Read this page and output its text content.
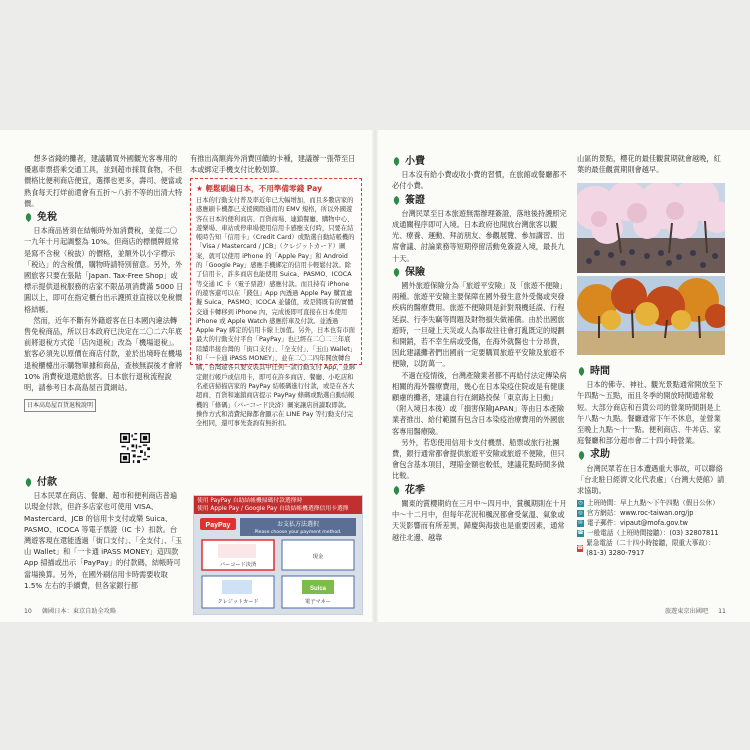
想多省錢的攤者，建議購買外國觀光客專用的優惠車票搭乘交通工具，並到超市採買食物，不但價格比便利商店便宜，選擇也更多，壽司、便當或熟食每天打烊前還會有五折～八折不等的出清大特價。

免稅

日本商品皆須在結帳時外加消費稅，並從二〇一九年十月起調整為 10%。但商店的標價牌經常是寫不含稅（稅抜）的價格，並額外以小字標示「税込」的含稅價，購物時請特別留意。另外，外國旅客只要在張貼「Japan. Tax-Free Shop」或標示提供退稅服務的店家不限品項消費滿 5000 日圓以上，即可在指定櫃台出示護照並直接以免稅價格結帳。

然而，近年不斷有外籍遊客在日本國內違法轉售免稅商品，所以日本政府已決定在二〇二六年底前將退稅方式從「店內退稅」改為「機場退稅」。旅客必須先以原價在商店付款，並於出境時在機場退稅櫃檯出示購物單據和商品，查核無誤後才會將 10% 消費稅退還給旅客。日本旅行退稅流程說明，請參考日本高島屋百貨網站。

日本高島屋百貨退稅說明
付款

日本民眾在商店、餐廳、超市和便利商店普遍以現金付款，但許多店家也可使用 VISA、Mastercard、JCB 的信用卡支付或樂 Suica、PASMO、ICOCA 等電子票證（IC 卡）扣款。台灣遊客現在還能透過「街口支付」、「全支付」、「玉山 Wallet」和「一卡通 iPASS MONEY」這四款 App 掃描或出示「PayPay」的付款碼，結帳時可當場換算。另外，在國外刷信用卡時需要收取 1.5% 左右的手續費，但各家銀行都

有推出高額海外消費回饋的卡種，建議辦一張帶至日本或綁定手機支付比較划算。

★ 輕鬆刷遍日本，不用準備零錢 Pay
日本的行動支付普及率近年已大幅增加，而且多數店家的感應刷卡機都已支援國際通用的 EMV 規格，所以外國遊客在日本的便利商店、百貨商場、連鎖餐廳、購物中心、遊樂場、車站或停車場使用信用卡感應支付時，只要在結帳時告知「信用卡」（Credit Card）或點選自動結帳機的「Visa / Mastercard / JCB」（クレジットカード）圖案，就可以使用 iPhone 的「Apple Pay」和 Android 的「Google Pay」感應手機綁定的信用卡輕鬆付款。除了信用卡，許多商店也能使用 Suica、PASMO、ICOCA 等交通 IC 卡（電子票證）感應付款。而且持有 iPhone 的遊客還可以在「錢包」App 內透過 Apple Pay 購買虛擬 Suica、PASMO、ICOCA 並儲值，或是將既有的實體交通卡轉移到 iPhone 內，完成後即可直接在日本使用 iPhone 或 Apple Watch 感應搭車及付款。並透過 Apple Pay 綁定的信用卡線上加值。另外，日本也有市面最大的行動支付平台「PayPay」也已經在二〇二三年底陸續串接台灣的「街口支付」、「全支付」、「玉山 Wallet」和「一卡通 iPASS MONEY」，並在二〇二四年開放轉台購，台灣遊客只要安裝其中任何一款行動支付 App，並綁定銀行帳戶或信用卡，即可在許多商店、餐廳、小吃店和名產店掃描店家的 PayPay 結帳碼進行付款，或是在各大超商、百貨和連鎖商店提示 PayPay 條碼或點選自動結帳機的「條碼」（バーコード決済）圖案讓店員讀取即款。操作方式和消費紀錄都會顯示在 LINE Pay 等行動支付完全相同，還可事先查詢有無折扣。
使用 PayPay 自助結帳機掃碼付款選擇時
使用 Apple Pay / Google Pay 自助結帳機選擇信用卡選擇
PayPay	お支払方法選択
Please choose your payment method.
バーコード決済
現金
クレジットカード
Suica
電子マネー
10 韓國日本：東京自助全攻略
小費

日本沒有給小費或收小費的習慣，在旅館或餐廳都不必付小費。

簽證

台灣民眾至日本旅遊無需辦理簽證，落地後持護照完成通關程序即可入境。日本政府也開放台灣旅客以觀光、療養、運動、拜訪朋友、參觀展覽、參加講習、出席會議、討論業務等短期停留活動免簽證入境，最長九十天。

保險

國外旅遊保險分為「旅遊平安險」及「旅遊不便險」兩種。旅遊平安險主要保障在國外發生意外受傷或突發疾病的醫療費用。旅遊不便險則是針對飛機延誤、行程延誤、行李失竊等問題及財物損失做補償。由於出國旅遊時，一旦碰上天災或人為事故往往會打亂既定的規劃和開銷，若不幸生病或受傷，在海外就醫也十分昂貴，因此建議攤者們出國前一定要購買旅遊平安險及旅遊不便險，以防萬一。

不過在疫情後，台灣產險業者都不再給付法定傳染病相關的海外醫療費用，幾心在日本染疫住院或是有健康顧慮的攤者，建議自行在網路投保「東京海上日動」（附入境日本後）或「損害保險JAPAN」等由日本產險業者推出、給付範圍有包含日本染疫治療費用的外國旅客專用醫療險。

另外，若您使用信用卡支付機票、船票或旅行社團費，銀行通常都會提供旅遊平安險或旅遊不便險，但只會包含基本項目，理賠金額也較低，建議花點時間多做比較。

花季

關東的賞櫻期約在三月中～四月中，賞楓期則在十月中～十二月中，但每年花況和楓況都會受氣溫、氣象或天災影響而有所差異，歸慶與海拔也是重要因素，通常越往北邊、越靠

山區的景點，櫻花的最佳觀賞期就會越晚，紅葉的最佳觀賞期則會越早。

時間

日本的佛寺、神社、觀光景點通常開放至下午四點～五點，而且冬季的開放時間通常較短。大部分商店和百貨公司的營業時間則是上午八點～九點。餐廳通常下午不休息，並營業至晚上九點～十一點。便利商店、牛丼店、家庭餐廳和部分超市會二十四小時營業。

求助

台灣民眾若在日本遭遇重大事故，可以聯絡「台北駐日經濟文化代表處」（台灣大使館）請求協助。

◷ 上班時間：早上九點～下午四點（假日公休）
◎ 官方網站：www.roc-taiwan.org/jp
✉ 電子郵件：vipaut@mofa.gov.tw
☎ 一般電話（上班時間接聽）：(03) 32807811
☎
緊急電話（二十四小時接聽，限重大事故）：(81-3) 3280-7917
旅遊東京出國吧 11
